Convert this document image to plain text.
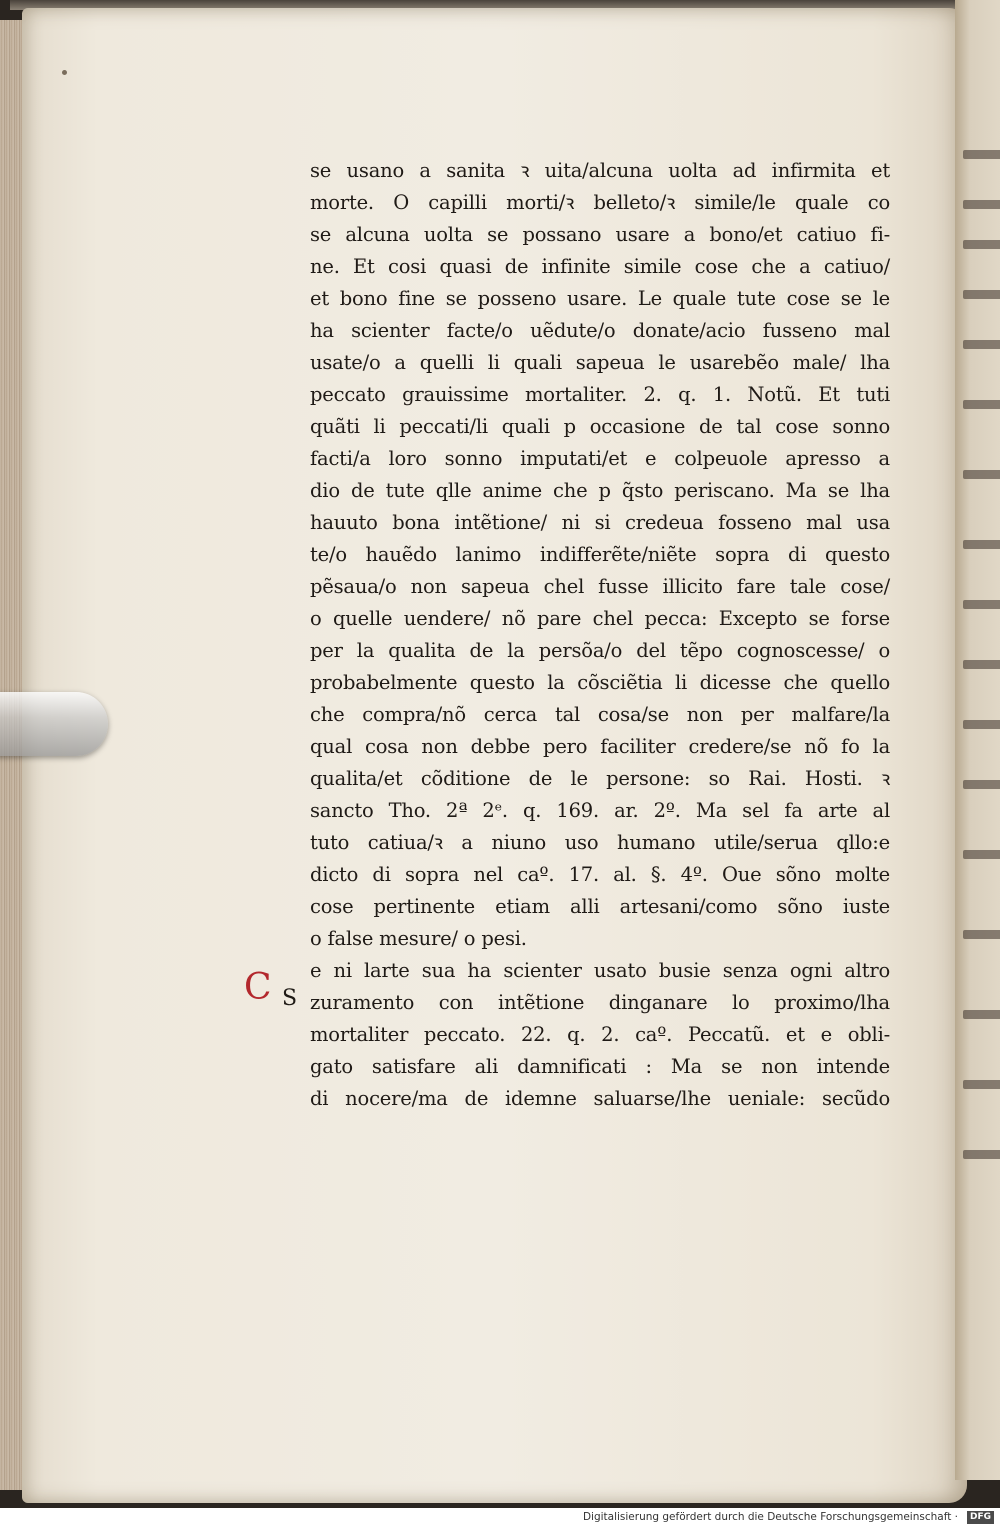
se usano a sanita ꝛ uita/alcuna uolta ad infirmita et
morte. O capilli morti/ꝛ belleto/ꝛ simile/le quale co
se alcuna uolta se possano usare a bono/et catiuo fi-
ne. Et cosi quasi de infinite simile cose che a catiuo/
et bono fine se posseno usare. Le quale tute cose se le
ha scienter facte/o uẽdute/o donate/acio fusseno mal
usate/o a quelli li quali sapeua le usarebẽo male/ lha
peccato grauissime mortaliter. 2. q. 1. Notũ. Et tuti
quãti li peccati/li quali p occasione de tal cose sonno
facti/a loro sonno imputati/et e colpeuole apresso a
dio de tute qlle anime che p q̃sto periscano. Ma se lha
hauuto bona intẽtione/ ni si credeua fosseno mal usa
te/o hauẽdo lanimo indifferẽte/niẽte sopra di questo
pẽsaua/o non sapeua chel fusse illicito fare tale cose/
o quelle uendere/ nõ pare chel pecca: Excepto se forse
per la qualita de la persõa/o del tẽpo cognoscesse/ o
probabelmente questo la cõsciẽtia li dicesse che quello
che compra/nõ cerca tal cosa/se non per malfare/la
qual cosa non debbe pero faciliter credere/se nõ fo la
qualita/et cõditione de le persone: so Rai. Hosti. ꝛ
sancto Tho. 2ª 2ᵉ. q. 169. ar. 2º. Ma sel fa arte al
tuto catiua/ꝛ a niuno uso humano utile/serua qllo:e
dicto di sopra nel caº. 17. al. §. 4º. Oue sõno molte
cose pertinente etiam alli artesani/como sõno iuste
o false mesure/ o pesi.
e ni larte sua ha scienter usato busie senza ogni altro
zuramento con intẽtione dinganare lo proximo/lha
mortaliter peccato. 22. q. 2. caº. Peccatũ. et e obli-
gato satisfare ali damnificati : Ma se non intende
di nocere/ma de idemne saluarse/lhe ueniale: secũdo
C S
Digitalisierung gefördert durch die Deutsche Forschungsgemeinschaft ·	DFG
